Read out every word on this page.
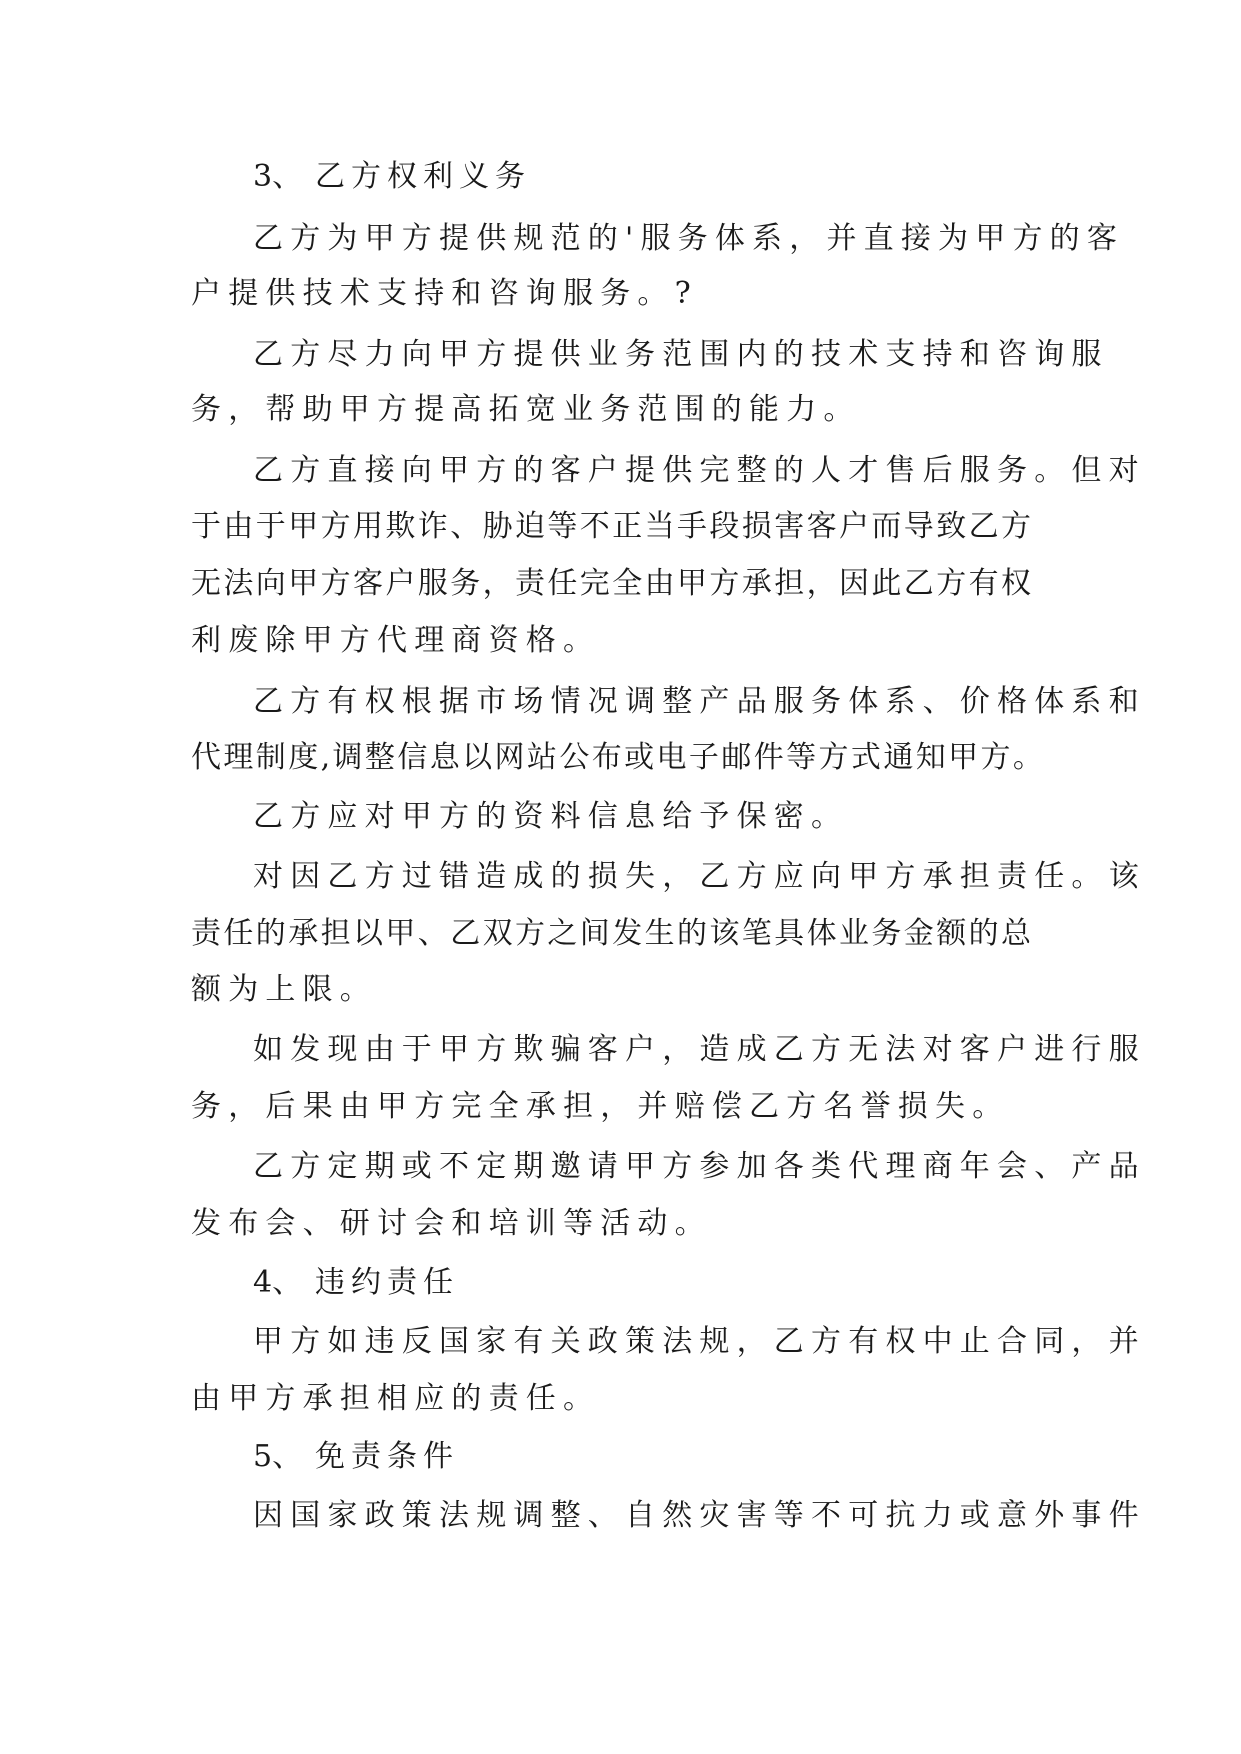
3、 乙方权利义务
乙方为甲方提供规范的'服务体系，并直接为甲方的客
户提供技术支持和咨询服务。?
乙方尽力向甲方提供业务范围内的技术支持和咨询服
务，帮助甲方提高拓宽业务范围的能力。
乙方直接向甲方的客户提供完整的人才售后服务。但对
于由于甲方用欺诈、胁迫等不正当手段损害客户而导致乙方
无法向甲方客户服务，责任完全由甲方承担，因此乙方有权
利废除甲方代理商资格。
乙方有权根据市场情况调整产品服务体系、价格体系和
代理制度,调整信息以网站公布或电子邮件等方式通知甲方。
乙方应对甲方的资料信息给予保密。
对因乙方过错造成的损失，乙方应向甲方承担责任。该
责任的承担以甲、乙双方之间发生的该笔具体业务金额的总
额为上限。
如发现由于甲方欺骗客户，造成乙方无法对客户进行服
务，后果由甲方完全承担，并赔偿乙方名誉损失。
乙方定期或不定期邀请甲方参加各类代理商年会、产品
发布会、研讨会和培训等活动。
4、 违约责任
甲方如违反国家有关政策法规，乙方有权中止合同，并
由甲方承担相应的责任。
5、 免责条件
因国家政策法规调整、自然灾害等不可抗力或意外事件
